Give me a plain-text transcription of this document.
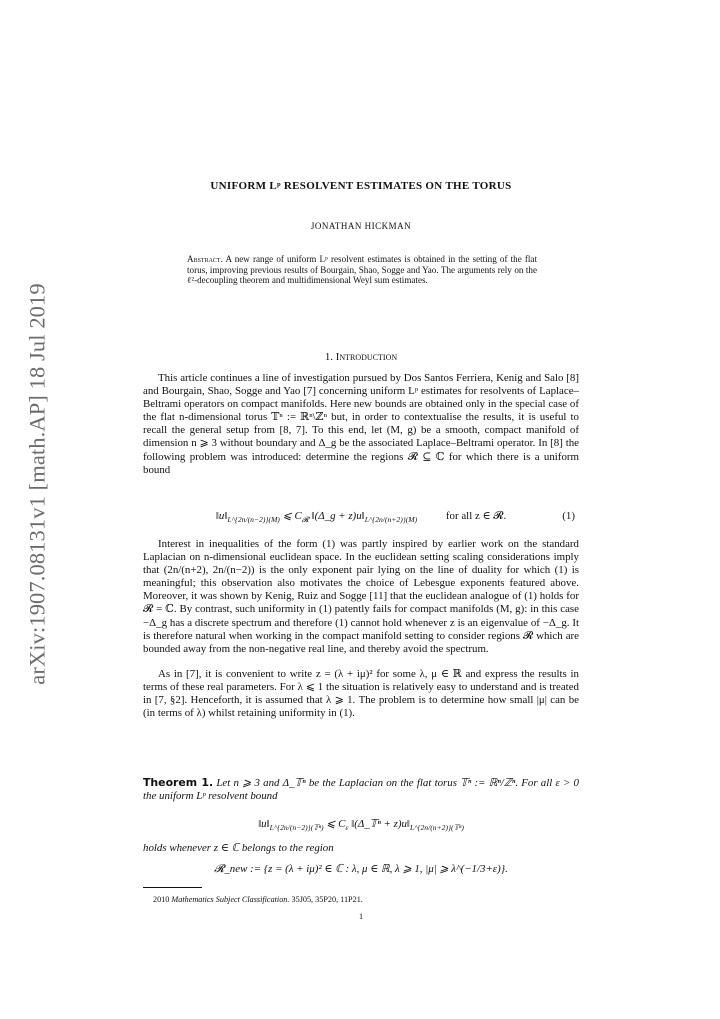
arXiv:1907.08131v1 [math.AP] 18 Jul 2019
UNIFORM Lᵖ RESOLVENT ESTIMATES ON THE TORUS
JONATHAN HICKMAN
Abstract. A new range of uniform Lᵖ resolvent estimates is obtained in the setting of the flat torus, improving previous results of Bourgain, Shao, Sogge and Yao. The arguments rely on the ℓ²-decoupling theorem and multidimensional Weyl sum estimates.
1. Introduction
This article continues a line of investigation pursued by Dos Santos Ferriera, Kenig and Salo [8] and Bourgain, Shao, Sogge and Yao [7] concerning uniform Lᵖ estimates for resolvents of Laplace–Beltrami operators on compact manifolds. Here new bounds are obtained only in the special case of the flat n-dimensional torus 𝕋ⁿ := ℝⁿ\ℤⁿ but, in order to contextualise the results, it is useful to recall the general setup from [8, 7]. To this end, let (M, g) be a smooth, compact manifold of dimension n ⩾ 3 without boundary and Δ_g be the associated Laplace–Beltrami operator. In [8] the following problem was introduced: determine the regions 𝓡 ⊆ ℂ for which there is a uniform bound
$‖u‖_{L\^{}\{2n/(n-2)\}(M)}$ ⩽ $C_𝓡$ ‖(Δ_g + $z)u‖_{L\^{}\{2n/(n+2)\}(M)}$	for all z ∈ 𝓡.	(1)
Interest in inequalities of the form (1) was partly inspired by earlier work on the standard Laplacian on n-dimensional euclidean space. In the euclidean setting scaling considerations imply that (2n/(n+2), 2n/(n−2)) is the only exponent pair lying on the line of duality for which (1) is meaningful; this observation also motivates the choice of Lebesgue exponents featured above. Moreover, it was shown by Kenig, Ruiz and Sogge [11] that the euclidean analogue of (1) holds for 𝓡 = ℂ. By contrast, such uniformity in (1) patently fails for compact manifolds (M, g): in this case −Δ_g has a discrete spectrum and therefore (1) cannot hold whenever z is an eigenvalue of −Δ_g. It is therefore natural when working in the compact manifold setting to consider regions 𝓡 which are bounded away from the non-negative real line, and thereby avoid the spectrum.
As in [7], it is convenient to write z = (λ + iμ)² for some λ, μ ∈ ℝ and express the results in terms of these real parameters. For λ ⩽ 1 the situation is relatively easy to understand and is treated in [7, §2]. Henceforth, it is assumed that λ ⩾ 1. The problem is to determine how small |μ| can be (in terms of λ) whilst retaining uniformity in (1).
Theorem 1. Let n ⩾ 3 and Δ_𝕋ⁿ be the Laplacian on the flat torus 𝕋ⁿ := ℝⁿ/ℤⁿ. For all ε > 0 the uniform Lᵖ resolvent bound
$‖u‖_{L\^{}\{2n/(n-2)\}(𝕋^n)}$ ⩽ $C_\varepsilon$ ‖(Δ_𝕋ⁿ + $z)u‖_{L\^{}\{2n/(n+2)\}(𝕋^n)}$
holds whenever z ∈ ℂ belongs to the region
𝓡_new := {z = (λ + iμ)² ∈ ℂ : λ, μ ∈ ℝ, λ ⩾ 1, |μ| ⩾ λ^(−1/3+ε)}.
2010 Mathematics Subject Classification. 35J05, 35P20, 11P21.
1
